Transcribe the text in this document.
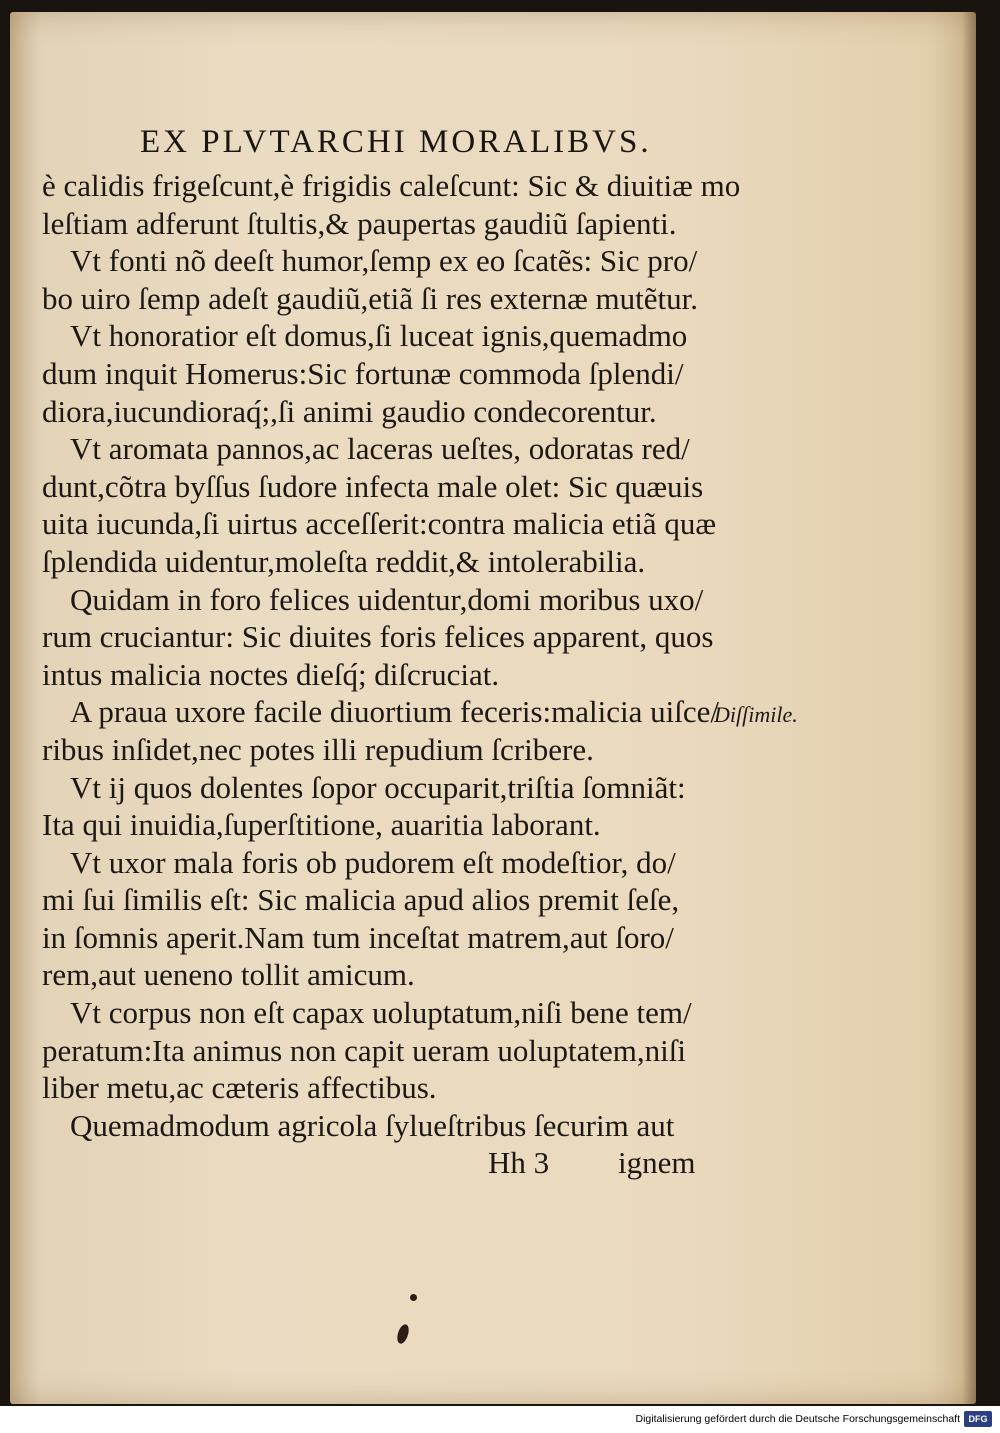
EX PLVTARCHI MORALIBVS.
è calidis frigeſcunt,è frigidis caleſcunt: Sic & diuitiæ mo
leſtiam adferunt ſtultis,& paupertas gaudiũ ſapienti.
Vt fonti nõ deeſt humor,ſemp ex eo ſcatẽs: Sic pro/
bo uiro ſemp adeſt gaudiũ,etiã ſi res externæ mutẽtur.
Vt honoratior eſt domus,ſi luceat ignis,quemadmo
dum inquit Homerus:Sic fortunæ commoda ſplendi/
diora,iucundioraq́;,ſi animi gaudio condecorentur.
Vt aromata pannos,ac laceras ueſtes, odoratas red/
dunt,cõtra byſſus ſudore infecta male olet: Sic quæuis
uita iucunda,ſi uirtus acceſſerit:contra malicia etiã quæ
ſplendida uidentur,moleſta reddit,& intolerabilia.
Quidam in foro felices uidentur,domi moribus uxo/
rum cruciantur: Sic diuites foris felices apparent, quos
intus malicia noctes dieſq́; diſcruciat.
A praua uxore facile diuortium feceris:malicia uiſce/
ribus inſidet,nec potes illi repudium ſcribere.
Vt ij quos dolentes ſopor occuparit,triſtia ſomniãt:
Ita qui inuidia,ſuperſtitione, auaritia laborant.
Vt uxor mala foris ob pudorem eſt modeſtior, do/
mi ſui ſimilis eſt: Sic malicia apud alios premit ſeſe,
in ſomnis aperit.Nam tum inceſtat matrem,aut ſoro/
rem,aut ueneno tollit amicum.
Vt corpus non eſt capax uoluptatum,niſi bene tem/
peratum:Ita animus non capit ueram uoluptatem,niſi
liber metu,ac cæteris affectibus.
Quemadmodum agricola ſylueſtribus ſecurim aut
Diſſimile.
Hh 3 ignem
Digitalisierung gefördert durch die Deutsche Forschungsgemeinschaft DFG
